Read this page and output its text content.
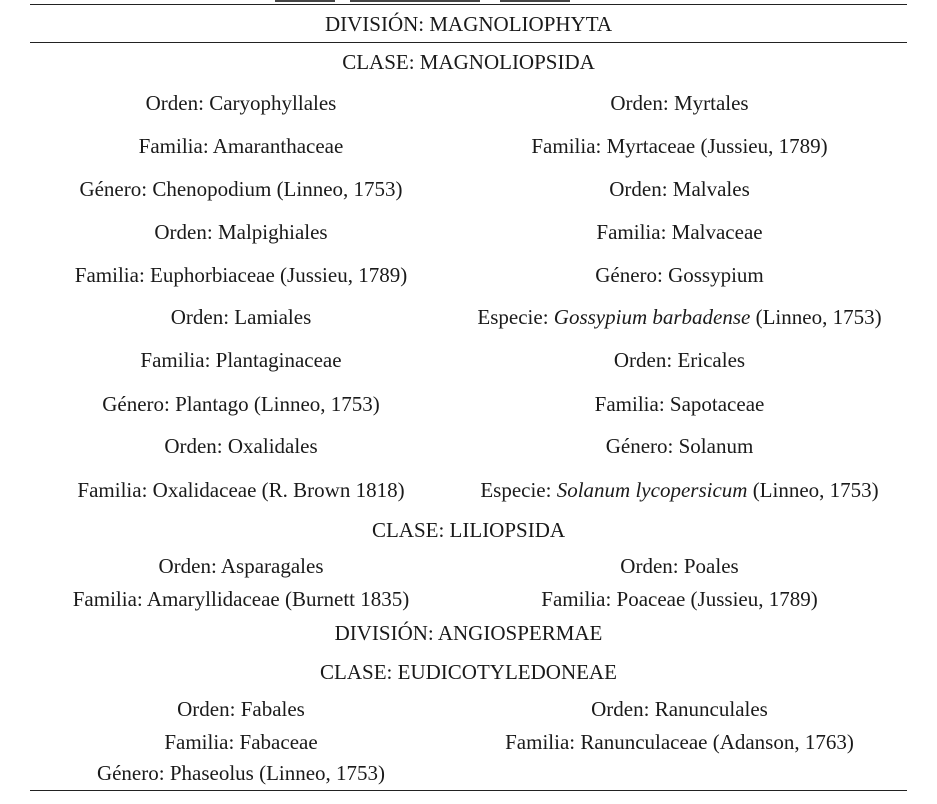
DIVISIÓN: MAGNOLIOPHYTA
CLASE: MAGNOLIOPSIDA
Orden: Caryophyllales	Orden: Myrtales
Familia: Amaranthaceae	Familia: Myrtaceae (Jussieu, 1789)
Género: Chenopodium (Linneo, 1753)	Orden: Malvales
Orden: Malpighiales	Familia: Malvaceae
Familia: Euphorbiaceae (Jussieu, 1789)	Género: Gossypium
Orden: Lamiales	Especie: Gossypium barbadense (Linneo, 1753)
Familia: Plantaginaceae	Orden: Ericales
Género: Plantago (Linneo, 1753)	Familia: Sapotaceae
Orden: Oxalidales	Género: Solanum
Familia: Oxalidaceae (R. Brown 1818)	Especie: Solanum lycopersicum (Linneo, 1753)
CLASE: LILIOPSIDA
Orden: Asparagales	Orden: Poales
Familia: Amaryllidaceae (Burnett 1835)	Familia: Poaceae (Jussieu, 1789)
DIVISIÓN: ANGIOSPERMAE
CLASE: EUDICOTYLEDONEAE
Orden: Fabales	Orden: Ranunculales
Familia: Fabaceae	Familia: Ranunculaceae (Adanson, 1763)
Género: Phaseolus (Linneo, 1753)
